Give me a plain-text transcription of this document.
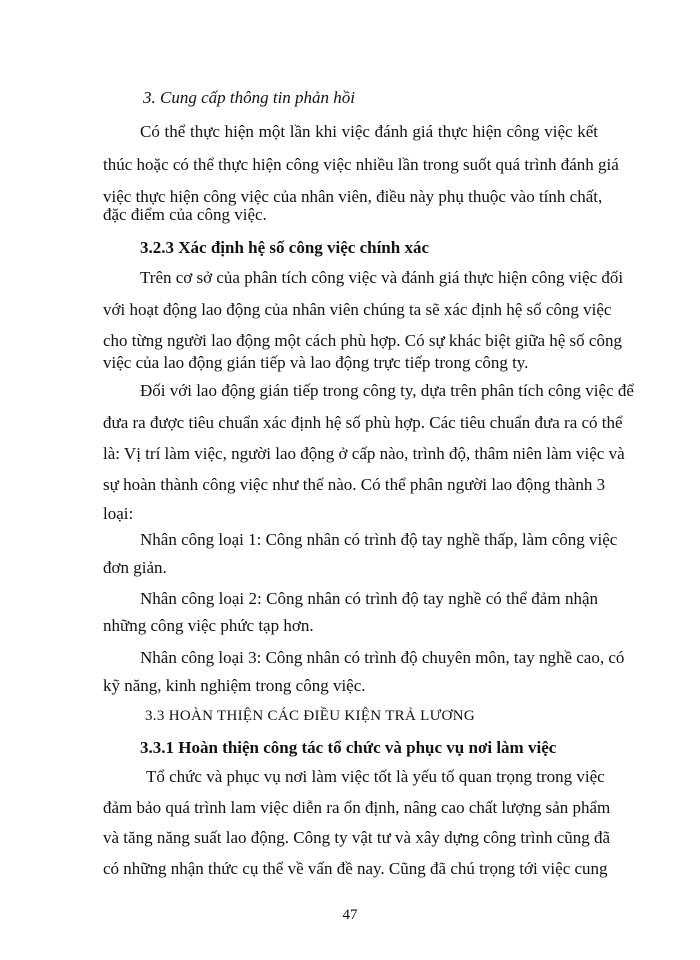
3. Cung cấp thông tin phản hồi
Có thể thực hiện một lần khi việc đánh giá thực hiện công việc kết
thúc hoặc có thể thực hiện công việc nhiều lần trong suốt quá trình đánh giá
việc thực hiện công việc của nhân viên, điều này phụ thuộc vào tính chất,
đặc điểm của công việc.
3.2.3 Xác định hệ số công việc chính xác
Trên cơ sở của phân tích công việc và đánh giá thực hiện công việc đối
với hoạt động lao động của nhân viên chúng ta sẽ xác định hệ số công việc
cho từng người lao động một cách phù hợp. Có sự khác biệt giữa hệ số công
việc của lao động gián tiếp và lao động trực tiếp trong công ty.
Đối với lao động gián tiếp trong công ty, dựa trên phân tích công việc để
đưa ra được tiêu chuẩn xác định hệ số phù hợp. Các tiêu chuẩn đưa ra có thể
là: Vị trí làm việc, người lao động ở cấp nào, trình độ, thâm niên làm việc và
sự hoàn thành công việc như thế nào. Có thể phân người lao động thành 3
loại:
Nhân công loại 1: Công nhân có trình độ tay nghề thấp, làm công việc
đơn giản.
Nhân công loại 2: Công nhân có trình độ tay nghề có thể đảm nhận
những công việc phức tạp hơn.
Nhân công loại 3: Công nhân có trình độ chuyên môn, tay nghề cao, có
kỹ năng, kinh nghiệm trong công việc.
3.3 HOÀN THIỆN CÁC ĐIỀU KIỆN TRẢ LƯƠNG
47
3.3.1 Hoàn thiện công tác tổ chức và phục vụ nơi làm việc
Tổ chức và phục vụ nơi làm việc tốt là yếu tố quan trọng trong việc
đảm bảo quá trình lam việc diễn ra ổn định, nâng cao chất lượng sản phẩm
và tăng năng suất lao động. Công ty vật tư và xây dựng công trình cũng đã
có những nhận thức cụ thể về vấn đề nay. Cũng đã chú trọng tới việc cung
